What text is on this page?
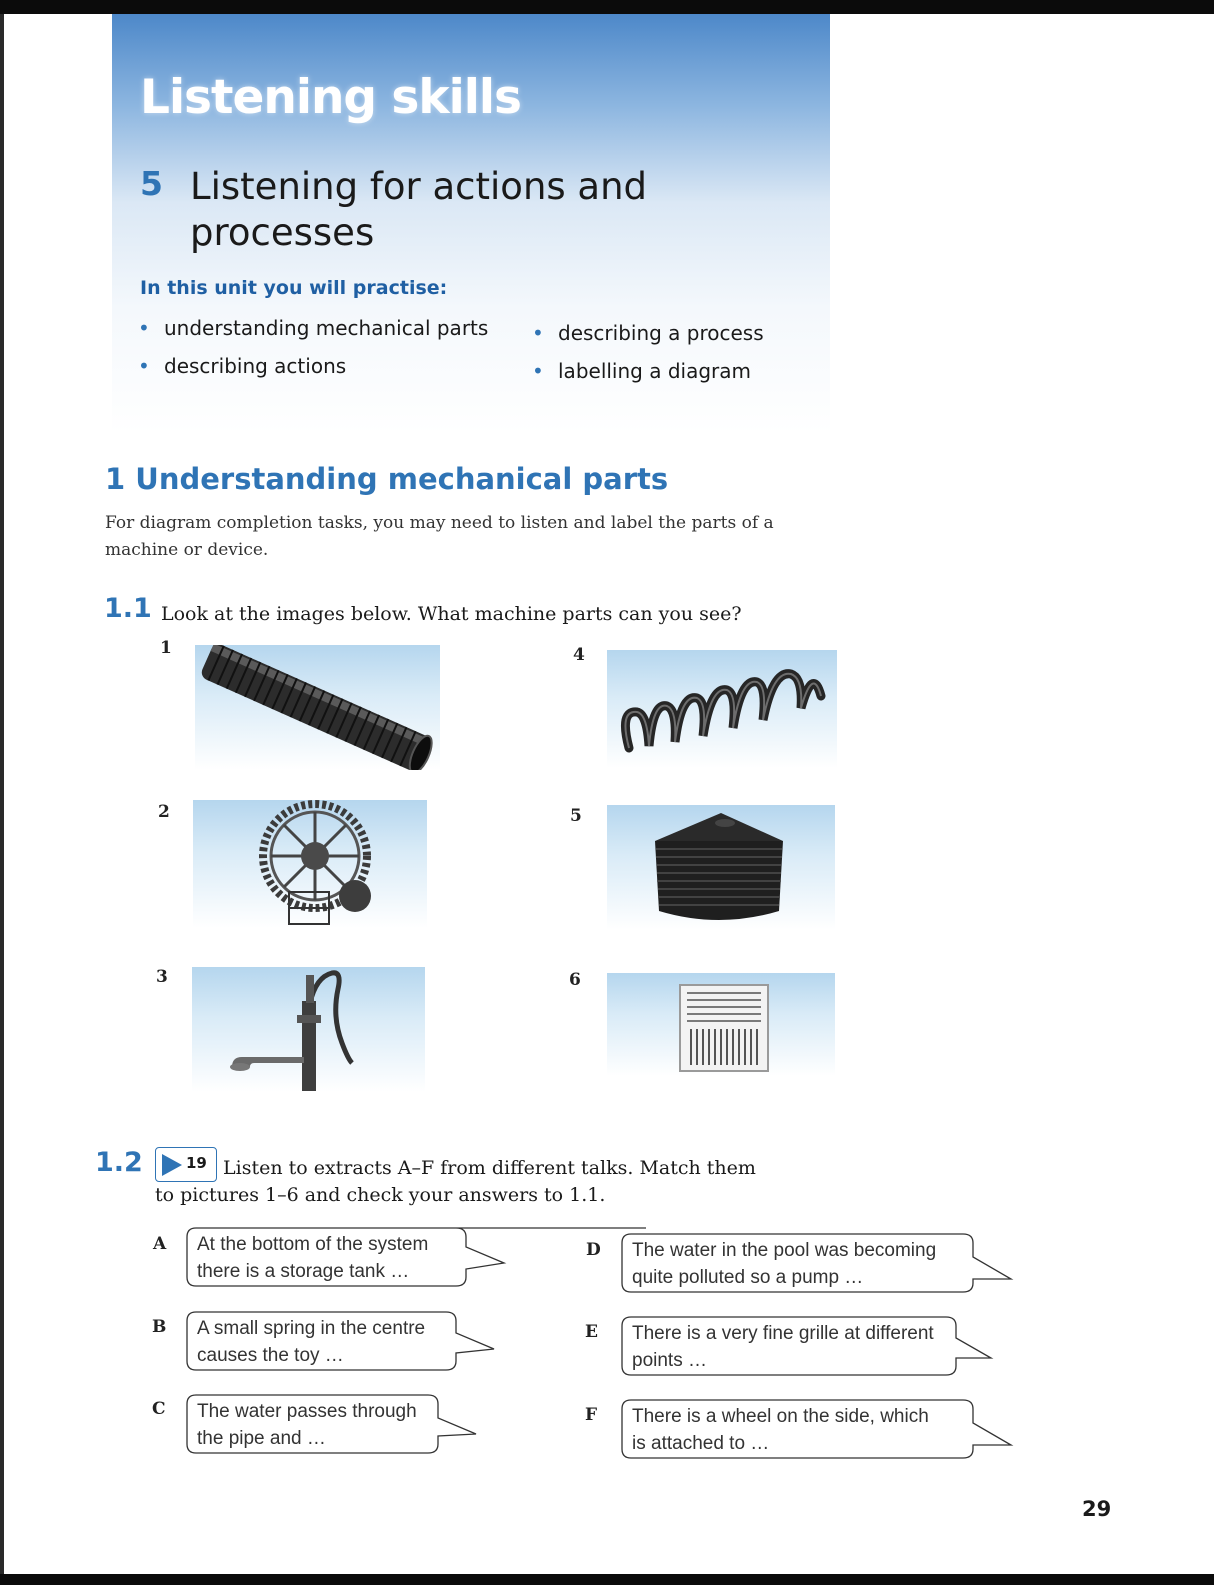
Listening skills
5 Listening for actions and processes
In this unit you will practise:
• understanding mechanical parts
• describing actions
• describing a process
• labelling a diagram
1 Understanding mechanical parts
For diagram completion tasks, you may need to listen and label the parts of a machine or device.
1.1 Look at the images below. What machine parts can you see?
1
2
3
4
5
6
1.2	19 Listen to extracts A–F from different talks. Match them
to pictures 1–6 and check your answers to 1.1.
A At the bottom of the system
there is a storage tank …
B A small spring in the centre
causes the toy …
C The water passes through
the pipe and …
D The water in the pool was becoming
quite polluted so a pump …
E There is a very fine grille at different
points …
F There is a wheel on the side, which
is attached to …
29
